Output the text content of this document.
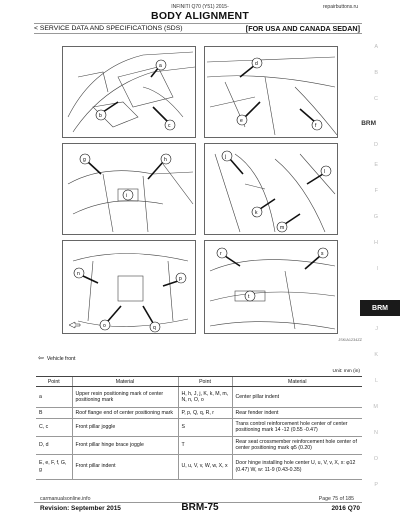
INFINITI Q70 (Y51) 2015-	repairbuttons.ru
BODY ALIGNMENT
< SERVICE DATA AND SPECIFICATIONS (SDS)	[FOR USA AND CANADA SEDAN]
A
B
C
D
E
F
G
H
I
J
K
L
M
N
O
P
BRM
BRM
a
b
c
d
e
f
g	h
i
j
k
l
m
n
o
p
q
r	s
t
JSKIA1234ZZ
⇦ Vehicle front
Unit: mm (in)
Point	Material	Point	Material
a	Upper resin positioning mark of center positioning mark	H, h, J, j, K, k, M, m, N, n, O, o	Center pillar indent
B	Roof flange end of center positioning mark	P, p, Q, q, R, r	Rear fender indent
C, c	Front pillar joggle	S	Trans control reinforcement hole center of center positioning mark 14 -12 (0.55 -0.47)
D, d	Front pillar hinge brace joggle	T	Rear seat crossmember reinforcement hole center of center positioning mark φ5 (0.20)
E, e, F, f, G, g	Front pillar indent	U, u, V, v, W, w, X, x	Door hinge installing hole center U, u, V, v, X, x: φ12 (0.47) W, w: 11-9 (0.43-0.35)
carmanualsonline.info	Page 75 of 185
Revision: September 2015	BRM-75	2016 Q70
